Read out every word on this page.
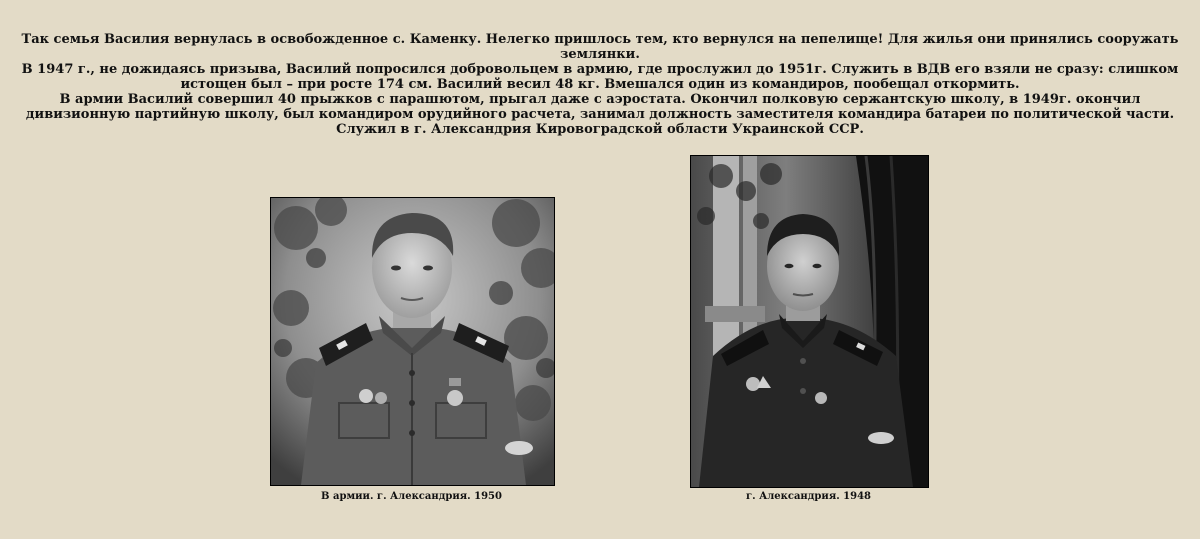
Так семья Василия вернулась в освобожденное с. Каменку. Нелегко пришлось тем, кто вернулся на пепелище! Для жилья они принялись сооружать землянки.

В 1947 г., не дожидаясь призыва, Василий попросился добровольцем в армию, где прослужил до 1951г. Служить в ВДВ его взяли не сразу: слишком истощен был – при росте 174 см. Василий весил 48 кг. Вмешался один из командиров, пообещал откормить.

В армии Василий совершил 40 прыжков с парашютом, прыгал даже с аэростата. Окончил полковую сержантскую школу, в 1949г. окончил дивизионную партийную школу, был командиром орудийного расчета, занимал должность заместителя командира батареи по политической части. Служил в г. Александрия Кировоградской области Украинской ССР.

В армии. г. Александрия. 1950	г. Александрия. 1948
